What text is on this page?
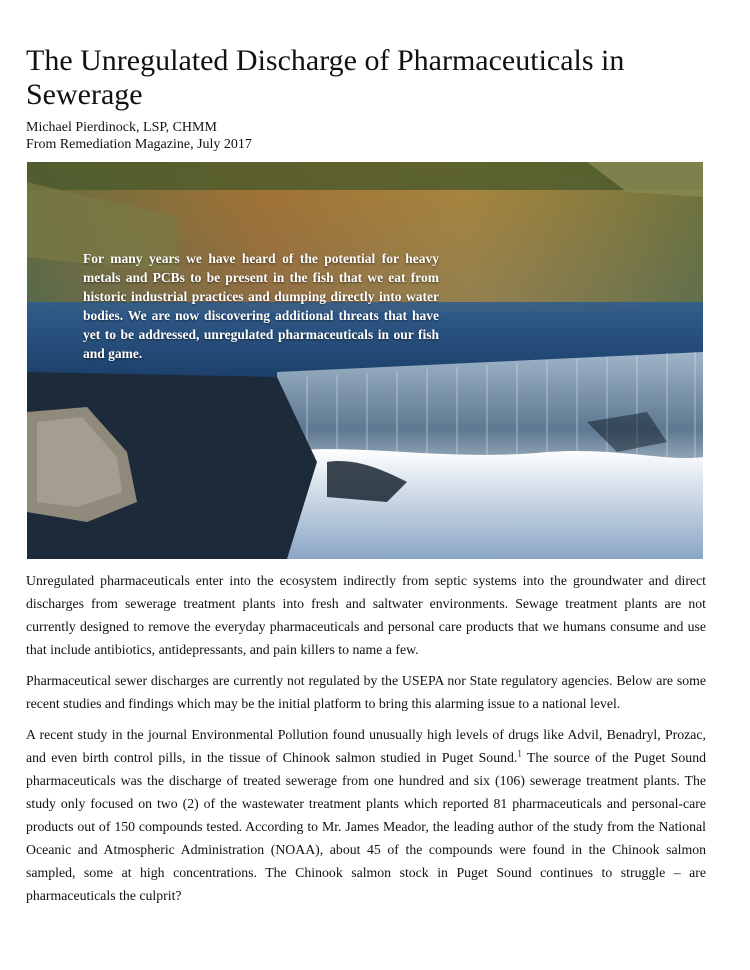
The Unregulated Discharge of Pharmaceuticals in Sewerage
Michael Pierdinock, LSP, CHMM
From Remediation Magazine, July 2017
For many years we have heard of the potential for heavy metals and PCBs to be present in the fish that we eat from historic industrial practices and dumping directly into water bodies. We are now discovering additional threats that have yet to be addressed, unregulated pharmaceuticals in our fish and game.

Unregulated pharmaceuticals enter into the ecosystem indirectly from septic systems into the groundwater and direct discharges from sewerage treatment plants into fresh and saltwater environments. Sewage treatment plants are not currently designed to remove the everyday pharmaceuticals and personal care products that we humans consume and use that include antibiotics, antidepressants, and pain killers to name a few.

Pharmaceutical sewer discharges are currently not regulated by the USEPA nor State regulatory agencies. Below are some recent studies and findings which may be the initial platform to bring this alarming issue to a national level.

A recent study in the journal Environmental Pollution found unusually high levels of drugs like Advil, Benadryl, Prozac, and even birth control pills, in the tissue of Chinook salmon studied in Puget Sound.$^1$ The source of the Puget Sound pharmaceuticals was the discharge of treated sewerage from one hundred and six (106) sewerage treatment plants. The study only focused on two (2) of the wastewater treatment plants which reported 81 pharmaceuticals and personal-care products out of 150 compounds tested. According to Mr. James Meador, the leading author of the study from the National Oceanic and Atmospheric Administration (NOAA), about 45 of the compounds were found in the Chinook salmon sampled, some at high concentrations. The Chinook salmon stock in Puget Sound continues to struggle – are pharmaceuticals the culprit?
